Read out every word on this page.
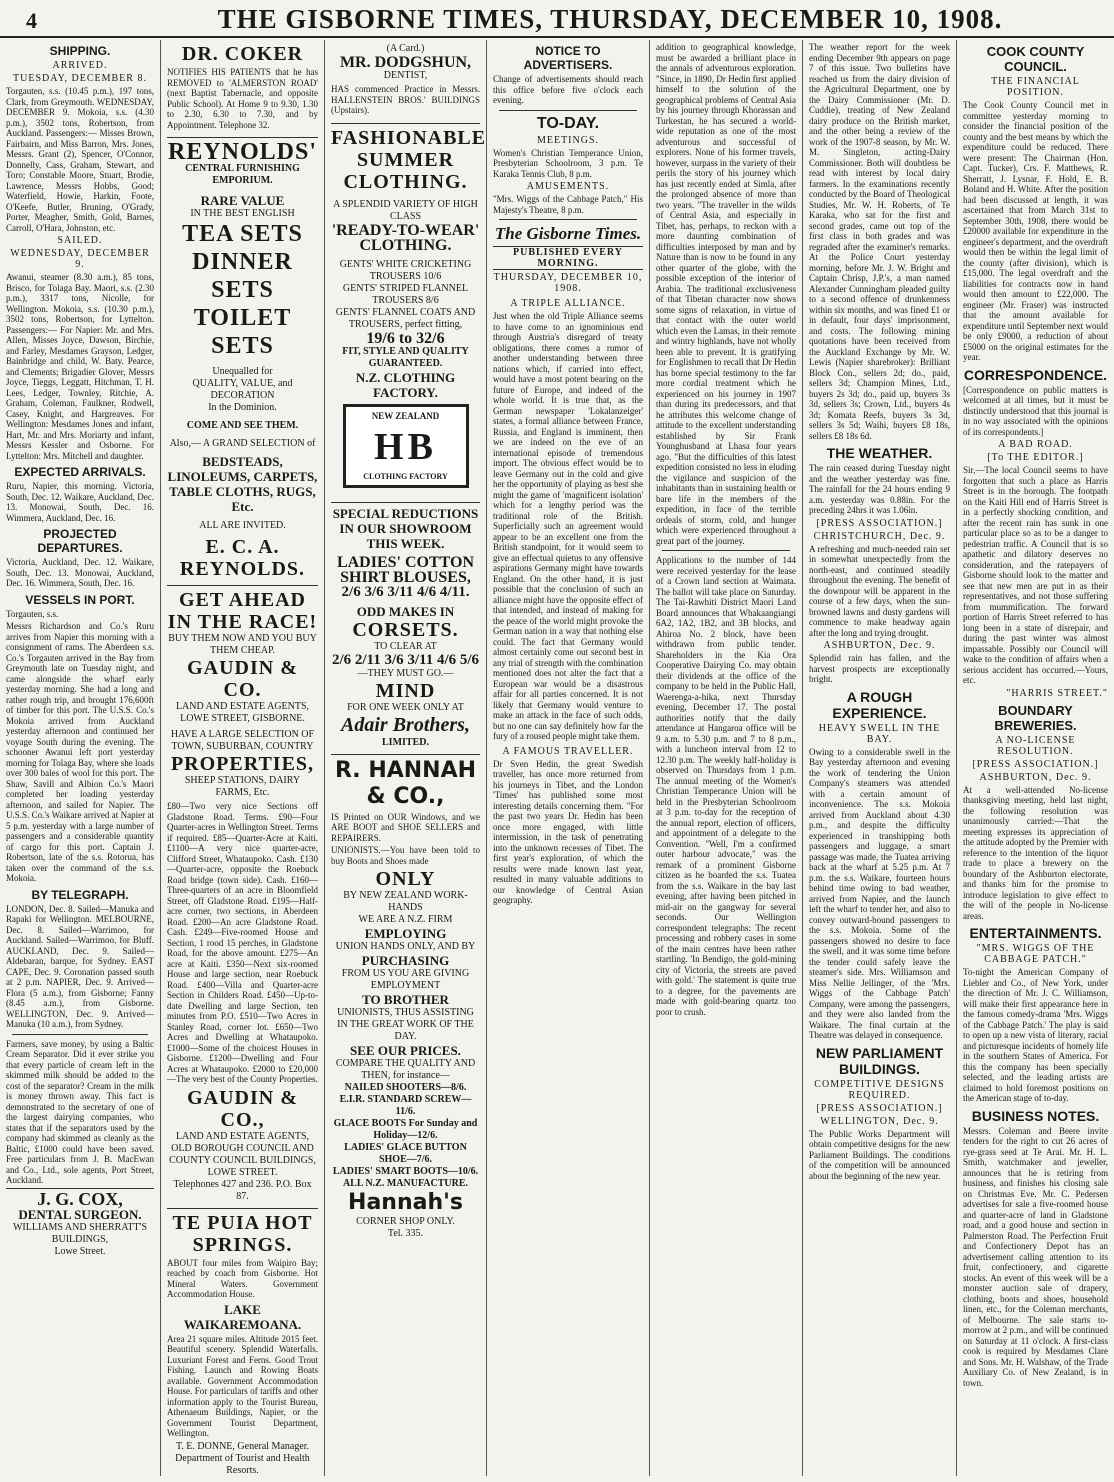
4	THE GISBORNE TIMES, THURSDAY, DECEMBER 10, 1908.
SHIPPING.
ARRIVED.
TUESDAY, DECEMBER 8.

Torgauten, s.s. (10.45 p.m.), 197 tons, Clark, from Greymouth. WEDNESDAY, DECEMBER 9. Mokoia, s.s. (4.30 p.m.), 3502 tons, Robertson, from Auckland. Passengers:— Misses Brown, Fairbairn, and Miss Barron, Mrs. Jones, Messrs. Grant (2), Spencer, O'Connor, Donnelly, Cass, Graham, Stewart, and Toro; Constable Moore, Stuart, Brodie, Lawrence, Messrs Hobbs, Good; Waterfield, Howie, Harkin, Foote, O'Keefe, Butler, Bruning, O'Grady, Porter, Meagher, Smith, Gold, Barnes, Carroll, O'Hara, Johnston, etc.

SAILED.
WEDNESDAY, DECEMBER 9.

Awanui, steamer (8.30 a.m.), 85 tons, Brisco, for Tolaga Bay. Maori, s.s. (2.30 p.m.), 3317 tons, Nicolle, for Wellington. Mokoia, s.s. (10.30 p.m.), 3502 tons, Robertson, for Lyttelton. Passengers:— For Napier: Mr. and Mrs. Allen, Misses Joyce, Dawson, Birchie, and Farley, Mesdames Grayson, Ledger, Bainbridge and child, W. Baty. Pearce, and Clements; Brigadier Glover, Messrs Joyce, Tieggs, Leggatt, Hitchman, T. H. Lees, Ledger, Townley, Ritchie, A. Graham, Coleman, Faulkner, Rodwell, Casey, Knight, and Hargreaves. For Wellington: Mesdames Jones and infant, Hart, Mr. and Mrs. Moriarty and infant, Messrs Kessler and Osborne. For Lyttelton: Mrs. Mitchell and daughter.

EXPECTED ARRIVALS.

Ruru, Napier, this morning. Victoria, South, Dec. 12. Waikare, Auckland, Dec. 13. Monowai, South, Dec. 16. Wimmera, Auckland, Dec. 16.

PROJECTED DEPARTURES.

Victoria, Auckland, Dec. 12. Waikare, South, Dec. 13. Monowai, Auckland, Dec. 16. Wimmera, South, Dec. 16.

VESSELS IN PORT.

Torgauten, s.s.

Messrs Richardson and Co.'s Ruru arrives from Napier this morning with a consignment of rams. The Aberdeen s.s. Co.'s Torgauten arrived in the Bay from Greymouth late on Tuesday night, and came alongside the wharf early yesterday morning. She had a long and rather rough trip, and brought 176,600ft of timber for this port. The U.S.S. Co.'s Mokoia arrived from Auckland yesterday afternoon and continued her voyage South during the evening. The schooner Awanui left port yesterday morning for Tolaga Bay, where she loads over 300 bales of wool for this port. The Shaw, Savill and Albion Co.'s Maori completed her loading yesterday afternoon, and sailed for Napier. The U.S.S. Co.'s Waikare arrived at Napier at 5 p.m. yesterday with a large number of passengers and a considerable quantity of cargo for this port. Captain J. Robertson, late of the s.s. Rotorua, has taken over the command of the s.s. Mokoia.

BY TELEGRAPH.

LONDON, Dec. 8. Sailed—Manuka and Rapaki for Wellington. MELBOURNE, Dec. 8. Sailed—Warrimoo, for Auckland. Sailed—Warrimoo, for Bluff. AUCKLAND, Dec. 9. Sailed—Aldebaran, barque, for Sydney. EAST CAPE, Dec. 9. Coronation passed south at 2 p.m. NAPIER, Dec. 9. Arrived—Flora (5 a.m.), from Gisborne; Fanny (8.45 a.m.), from Gisborne. WELLINGTON, Dec. 9. Arrived—Manuka (10 a.m.), from Sydney.

Farmers, save money, by using a Baltic Cream Separator. Did it ever strike you that every particle of cream left in the skimmed milk should be added to the cost of the separator? Cream in the milk is money thrown away. This fact is demonstrated to the secretary of one of the largest dairying companies, who states that if the separators used by the company had skimmed as cleanly as the Baltic, £1000 could have been saved. Free particulars from J. B. MacEwan and Co., Ltd., sole agents, Port Street, Auckland.

J. G. COX,
DENTAL SURGEON.
WILLIAMS AND SHERRATT'S BUILDINGS,
Lowe Street.
DR. COKER

NOTIFIES HIS PATIENTS that he has REMOVED to 'ALMERSTON ROAD' (next Baptist Tabernacle, and opposite Public School). At Home 9 to 9.30, 1.30 to 2.30, 6.30 to 7.30, and by Appointment. Telephone 32.

REYNOLDS'
CENTRAL FURNISHING EMPORIUM.
RARE VALUE
IN THE BEST ENGLISH
TEA SETS
DINNER SETS
TOILET SETS
Unequalled for
QUALITY, VALUE, and DECORATION
In the Dominion.
COME AND SEE THEM.
Also,— A GRAND SELECTION of
BEDSTEADS, LINOLEUMS, CARPETS, TABLE CLOTHS, RUGS, Etc.
ALL ARE INVITED.
E. C. A. REYNOLDS.
GET AHEAD IN THE RACE!
BUY THEM NOW AND YOU BUY THEM CHEAP.
GAUDIN & CO.
LAND AND ESTATE AGENTS,
LOWE STREET, GISBORNE.
HAVE A LARGE SELECTION OF TOWN, SUBURBAN, COUNTRY
PROPERTIES,
SHEEP STATIONS, DAIRY FARMS, Etc.

£80—Two very nice Sections off Gladstone Road. Terms. £90—Four Quarter-acres in Wellington Street. Terms if required. £85—Quarter-Acre at Kaiti. £1100—A very nice quarter-acre, Clifford Street, Whataupoko. Cash. £130—Quarter-acre, opposite the Roebuck Road bridge (town side). Cash. £160—Three-quarters of an acre in Bloomfield Street, off Gladstone Road. £195—Half-acre corner, two sections, in Aberdeen Road. £200—An acre Gladstone Road. Cash. £249—Five-roomed House and Section, 1 rood 15 perches, in Gladstone Road, for the above amount. £275—An acre at Kaiti. £350—Next six-roomed House and large section, near Roebuck Road. £400—Villa and Quarter-acre Section in Childers Road. £450—Up-to-date Dwelling and large Section, ten minutes from P.O. £510—Two Acres in Stanley Road, corner lot. £650—Two Acres and Dwelling at Whataupoko. £1000—Some of the choicest Houses in Gisborne. £1200—Dwelling and Four Acres at Whataupoko. £2000 to £20,000—The very best of the County Properties.

GAUDIN & CO.,
LAND AND ESTATE AGENTS, OLD BOROUGH COUNCIL AND COUNTY COUNCIL BUILDINGS, LOWE STREET.
Telephones 427 and 236. P.O. Box 87.
TE PUIA HOT SPRINGS.

ABOUT four miles from Waipiro Bay; reached by coach from Gisborne. Hot Mineral Waters. Government Accommodation House.

LAKE WAIKAREMOANA.

Area 21 square miles. Altitude 2015 feet. Beautiful scenery. Splendid Waterfalls. Luxuriant Forest and Ferns. Good Trout Fishing. Launch and Rowing Boats available. Government Accommodation House. For particulars of tariffs and other information apply to the Tourist Bureau, Athenaeum Buildings, Napier, or the Government Tourist Department, Wellington.

T. E. DONNE, General Manager. Department of Tourist and Health Resorts.
(A Card.)
MR. DODGSHUN,
DENTIST,

HAS commenced Practice in Messrs. HALLENSTEIN BROS.' BUILDINGS (Upstairs).

FASHIONABLE
SUMMER
CLOTHING.
A SPLENDID VARIETY OF HIGH CLASS
'READY-TO-WEAR' CLOTHING.
GENTS' WHITE CRICKETING TROUSERS 10/6
GENTS' STRIPED FLANNEL TROUSERS 8/6
GENTS' FLANNEL COATS AND TROUSERS, perfect fitting,
19/6 to 32/6
FIT, STYLE AND QUALITY GUARANTEED.
N.Z. CLOTHING FACTORY.
NEW ZEALAND
HB
CLOTHING FACTORY
SPECIAL REDUCTIONS IN OUR SHOWROOM THIS WEEK.
LADIES' COTTON SHIRT BLOUSES,
2/6 3/6 3/11 4/6 4/11.
ODD MAKES IN
CORSETS.
TO CLEAR AT
2/6 2/11 3/6 3/11 4/6 5/6
—THEY MUST GO.—
MIND
FOR ONE WEEK ONLY AT
Adair Brothers,
LIMITED.
R. HANNAH & CO.,

IS Printed on OUR Windows, and we ARE BOOT and SHOE SELLERS and REPAIRERS.

UNIONISTS.—You have been told to buy Boots and Shoes made

ONLY
BY NEW ZEALAND WORK-HANDS
WE ARE A N.Z. FIRM
EMPLOYING
UNION HANDS ONLY, AND BY
PURCHASING
FROM US YOU ARE GIVING EMPLOYMENT
TO BROTHER
UNIONISTS, THUS ASSISTING IN THE GREAT WORK OF THE DAY.
SEE OUR PRICES.
COMPARE THE QUALITY AND THEN, for instance—
NAILED SHOOTERS—8/6.
E.I.R. STANDARD SCREW—11/6.
GLACE BOOTS For Sunday and Holiday—12/6.
LADIES' GLACE BUTTON SHOE—7/6.
LADIES' SMART BOOTS—10/6. ALL N.Z. MANUFACTURE.
Hannah's
CORNER SHOP ONLY.
Tel. 335.
NOTICE TO ADVERTISERS.

Change of advertisements should reach this office before five o'clock each evening.

TO-DAY.
MEETINGS.

Women's Christian Temperance Union, Presbyterian Schoolroom, 3 p.m. Te Karaka Tennis Club, 8 p.m.

AMUSEMENTS.

"Mrs. Wiggs of the Cabbage Patch," His Majesty's Theatre, 8 p.m.

The Gisborne Times.
PUBLISHED EVERY MORNING.
THURSDAY, DECEMBER 10, 1908.
A TRIPLE ALLIANCE.

Just when the old Triple Alliance seems to have come to an ignominious end through Austria's disregard of treaty obligations, there comes a rumor of another understanding between three nations which, if carried into effect, would have a most potent bearing on the future of Europe, and indeed of the whole world. It is true that, as the German newspaper 'Lokalanzeiger' states, a formal alliance between France, Russia, and England is imminent, then we are indeed on the eve of an international episode of tremendous import. The obvious effect would be to leave Germany out in the cold and give her the opportunity of playing as best she might the game of 'magnificent isolation' which for a lengthy period was the traditional role of the British. Superficially such an agreement would appear to be an excellent one from the British standpoint, for it would seem to give an effectual quietus to any offensive aspirations Germany might have towards England. On the other hand, it is just possible that the conclusion of such an alliance might have the opposite effect of that intended, and instead of making for the peace of the world might provoke the German nation in a way that nothing else could. The fact that Germany would almost certainly come out second best in any trial of strength with the combination mentioned does not alter the fact that a European war would be a disastrous affair for all parties concerned. It is not likely that Germany would venture to make an attack in the face of such odds, but no one can say definitely how far the fury of a roused people might take them.

A FAMOUS TRAVELLER.

Dr Sven Hedin, the great Swedish traveller, has once more returned from his journeys in Tibet, and the London 'Times' has published some most interesting details concerning them. "For the past two years Dr. Hedin has been once more engaged, with little intermission, in the task of penetrating into the unknown recesses of Tibet. The first year's exploration, of which the results were made known last year, resulted in many valuable additions to our knowledge of Central Asian geography.

addition to geographical knowledge, must be awarded a brilliant place in the annals of adventurous exploration. "Since, in 1890, Dr Hedin first applied himself to the solution of the geographical problems of Central Asia by his journey through Khorassan and Turkestan, he has secured a world-wide reputation as one of the most adventurous and successful of explorers. None of his former travels, however, surpass in the variety of their perils the story of his journey which has just recently ended at Simla, after the prolonged absence of more than two years. "The traveller in the wilds of Central Asia, and especially in Tibet, has, perhaps, to reckon with a more daunting combination of difficulties interposed by man and by Nature than is now to be found in any other quarter of the globe, with the possible exception of the interior of Arabia. The traditional exclusiveness of that Tibetan character now shows some signs of relaxation, in virtue of that contact with the outer world which even the Lamas, in their remote and wintry highlands, have not wholly been able to prevent. It is gratifying for Englishmen to recall that Dr Hedin has borne special testimony to the far more cordial treatment which he experienced on his journey in 1907 than during its predecessors, and that he attributes this welcome change of attitude to the excellent understanding established by Sir Frank Younghusband at Lhasa four years ago. "But the difficulties of this latest expedition consisted no less in eluding the vigilance and suspicion of the inhabitants than in sustaining health or bare life in the members of the expedition, in face of the terrible ordeals of storm, cold, and hunger which were experienced throughout a great part of the journey.

Applications to the number of 144 were received yesterday for the lease of a Crown land section at Waimata. The ballot will take place on Saturday. The Tai-Rawhiti District Maori Land Board announces that Whakaangiangi 6A2, 1A2, 1B2, and 3B blocks, and Ahiroa No. 2 block, have been withdrawn from public tender. Shareholders in the Kia Ora Cooperative Dairying Co. may obtain their dividends at the office of the company to be held in the Public Hall, Waerenga-a-hika, next Thursday evening, December 17. The postal authorities notify that the daily attendance at Hangaroa office will be 9 a.m. to 5.30 p.m. and 7 to 8 p.m., with a luncheon interval from 12 to 12.30 p.m. The weekly half-holiday is observed on Thursdays from 1 p.m. The annual meeting of the Women's Christian Temperance Union will be held in the Presbyterian Schoolroom at 3 p.m. to-day for the reception of the annual report, election of officers, and appointment of a delegate to the Convention. "Well, I'm a confirmed outer harbour advocate," was the remark of a prominent Gisborne citizen as he boarded the s.s. Tuatea from the s.s. Waikare in the bay last evening, after having been pitched in mid-air on the gangway for several seconds. Our Wellington correspondent telegraphs: The recent processing and robbery cases in some of the main centres have been rather startling. 'In Bendigo, the gold-mining city of Victoria, the streets are paved with gold.' The statement is quite true to a degree, for the pavements are made with gold-bearing quartz too poor to crush.

The weather report for the week ending December 9th appears on page 7 of this issue. Two bulletins have reached us from the dairy division of the Agricultural Department, one by the Dairy Commissioner (Mr. D. Cuddie), treating of New Zealand dairy produce on the British market, and the other being a review of the work of the 1907-8 season, by Mr. W. M. Singleton, acting-Dairy Commissioner. Both will doubtless be read with interest by local dairy farmers. In the examinations recently conducted by the Board of Theological Studies, Mr. W. H. Roberts, of Te Karaka, who sat for the first and second grades, came out top of the first class in both grades and was regraded after the examiner's remarks. At the Police Court yesterday morning, before Mr. J. W. Bright and Captain Chrisp, J.P.'s, a man named Alexander Cunningham pleaded guilty to a second offence of drunkenness within six months, and was fined £1 or in default, four days' imprisonment, and costs. The following mining quotations have been received from the Auckland Exchange by Mr. W. Lewis (Napier sharebroker): Brilliant Block Con., sellers 2d; do., paid, sellers 3d; Champion Mines, Ltd., buyers 2s 3d; do., paid up, buyers 3s 3d, sellers 3s; Crown, Ltd., buyers 4s 3d; Komata Reefs, buyers 3s 3d, sellers 3s 5d; Waihi, buyers £8 18s, sellers £8 18s 6d.

THE WEATHER.

The rain ceased during Tuesday night and the weather yesterday was fine. The rainfall for the 24 hours ending 9 a.m. yesterday was 0.88in. For the preceding 24hrs it was 1.06in.

[PRESS ASSOCIATION.]
CHRISTCHURCH, Dec. 9.

A refreshing and much-needed rain set in somewhat unexpectedly from the north-east, and continued steadily throughout the evening. The benefit of the downpour will be apparent in the course of a few days, when the sun-browned lawns and dusty gardens will commence to make headway again after the long and trying drought.

ASHBURTON, Dec. 9.

Splendid rain has fallen, and the harvest prospects are exceptionally bright.

A ROUGH EXPERIENCE.
HEAVY SWELL IN THE BAY.

Owing to a considerable swell in the Bay yesterday afternoon and evening the work of tendering the Union Company's steamers was attended with a certain amount of inconvenience. The s.s. Mokoia arrived from Auckland about 4.30 p.m., and despite the difficulty experienced in transhipping both passengers and luggage, a smart passage was made, the Tuatea arriving back at the wharf at 5.25 p.m. At 7 p.m. the s.s. Waikare, fourteen hours behind time owing to bad weather, arrived from Napier, and the launch left the wharf to tender her, and also to convey outward-bound passengers to the s.s. Mokoia. Some of the passengers showed no desire to face the swell, and it was some time before the tender could safely leave the steamer's side. Mrs. Williamson and Miss Nellie Jellinger, of the 'Mrs. Wiggs of the Cabbage Patch' Company, were among the passengers, and they were also landed from the Waikare. The final curtain at the Theatre was delayed in consequence.

NEW PARLIAMENT BUILDINGS.
COMPETITIVE DESIGNS REQUIRED.
[PRESS ASSOCIATION.]
WELLINGTON, Dec. 9.

The Public Works Department will obtain competitive designs for the new Parliament Buildings. The conditions of the competition will be announced about the beginning of the new year.

COOK COUNTY COUNCIL.
THE FINANCIAL POSITION.

The Cook County Council met in committee yesterday morning to consider the financial position of the county and the best means by which the expenditure could be reduced. There were present: The Chairman (Hon. Capt. Tucker), Crs. F. Matthews, R. Sherratt, J. Lysnar, F. Hold, E. B. Boland and H. White. After the position had been discussed at length, it was ascertained that from March 31st to September 30th, 1908, there would be £20000 available for expenditure in the engineer's department, and the overdraft would then be within the legal limit of the county (after division), which is £15,000. The legal overdraft and the liabilities for contracts now in hand would then amount to £22,000. The engineer (Mr. Fraser) was instructed that the amount available for expenditure until September next would be only £9000, a reduction of about £5000 on the original estimates for the year.

CORRESPONDENCE.

[Correspondence on public matters is welcomed at all times, but it must be distinctly understood that this journal is in no way associated with the opinions of its correspondents.]

A BAD ROAD.
[To THE EDITOR.]

Sir,—The local Council seems to have forgotten that such a place as Harris Street is in the borough. The footpath on the Kaiti Hill end of Harris Street is in a perfectly shocking condition, and after the recent rain has sunk in one particular place so as to be a danger to pedestrian traffic. A Council that is so apathetic and dilatory deserves no consideration, and the ratepayers of Gisborne should look to the matter and see that new men are put in as their representatives, and not those suffering from mummification. The forward portion of Harris Street referred to has long been in a state of disrepair, and during the past winter was almost impassable. Possibly our Council will wake to the condition of affairs when a serious accident has occurred.—Yours, etc.

"HARRIS STREET."
BOUNDARY BREWERIES.
A NO-LICENSE RESOLUTION.
[PRESS ASSOCIATION.]
ASHBURTON, Dec. 9.

At a well-attended No-license thanksgiving meeting, held last night, the following resolution was unanimously carried:—That the meeting expresses its appreciation of the attitude adopted by the Premier with reference to the intention of the liquor trade to place a brewery on the boundary of the Ashburton electorate, and thanks him for the promise to introduce legislation to give effect to the will of the people in No-license areas.

ENTERTAINMENTS.
"MRS. WIGGS OF THE CABBAGE PATCH."

To-night the American Company of Liebler and Co., of New York, under the direction of Mr. J. C. Williamson, will make their first appearance here in the famous comedy-drama 'Mrs. Wiggs of the Cabbage Patch.' The play is said to open up a new vista of literary, racial and picturesque incidents of homely life in the southern States of America. For this the company has been specially selected, and the leading artists are claimed to hold foremost positions on the American stage of to-day.

BUSINESS NOTES.

Messrs. Coleman and Beere invite tenders for the right to cut 26 acres of rye-grass seed at Te Arai. Mr. H. L. Smith, watchmaker and jeweller, announces that he is retiring from business, and finishes his closing sale on Christmas Eve. Mr. C. Pedersen advertises for sale a five-roomed house and quarter-acre of land in Gladstone road, and a good house and section in Palmerston Road. The Perfection Fruit and Confectionery Depot has an advertisement calling attention to its fruit, confectionery, and cigarette stocks. An event of this week will be a monster auction sale of drapery, clothing, boots and shoes, household linen, etc., for the Coleman merchants, of Melbourne. The sale starts to-morrow at 2 p.m., and will be continued on Saturday at 11 o'clock. A first-class cook is required by Mesdames Clare and Sons. Mr. H. Walshaw, of the Trade Auxiliary Co. of New Zealand, is in town.
